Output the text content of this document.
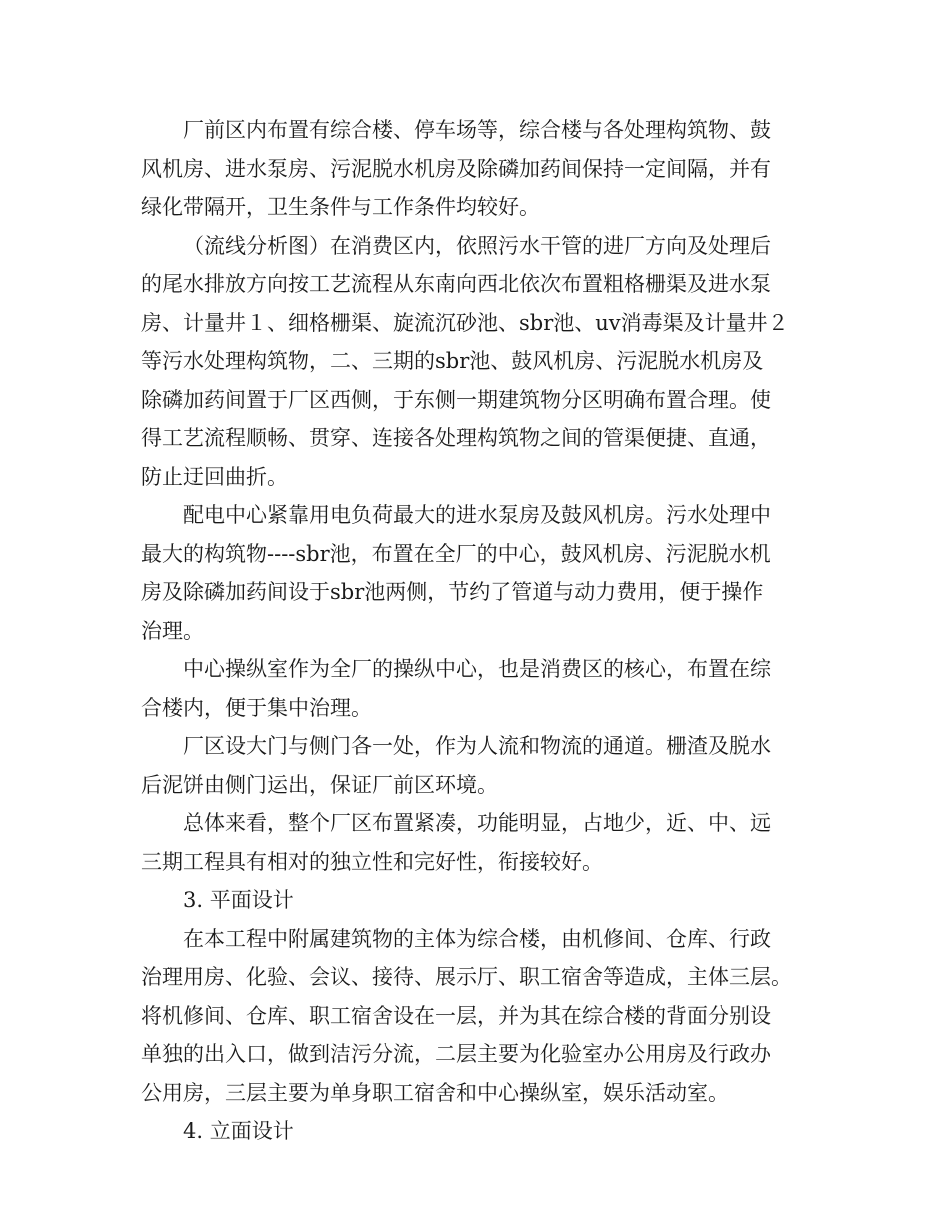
厂前区内布置有综合楼、停车场等，综合楼与各处理构筑物、鼓
风机房、进水泵房、污泥脱水机房及除磷加药间保持一定间隔，并有
绿化带隔开，卫生条件与工作条件均较好。

（流线分析图）在消费区内，依照污水干管的进厂方向及处理后
的尾水排放方向按工艺流程从东南向西北依次布置粗格栅渠及进水泵
房、计量井１、细格栅渠、旋流沉砂池、sbr池、uv消毒渠及计量井２
等污水处理构筑物，二、三期的sbr池、鼓风机房、污泥脱水机房及
除磷加药间置于厂区西侧，于东侧一期建筑物分区明确布置合理。使
得工艺流程顺畅、贯穿、连接各处理构筑物之间的管渠便捷、直通，
防止迂回曲折。

配电中心紧靠用电负荷最大的进水泵房及鼓风机房。污水处理中
最大的构筑物----sbr池，布置在全厂的中心，鼓风机房、污泥脱水机
房及除磷加药间设于sbr池两侧，节约了管道与动力费用，便于操作
治理。

中心操纵室作为全厂的操纵中心，也是消费区的核心，布置在综
合楼内，便于集中治理。

厂区设大门与侧门各一处，作为人流和物流的通道。栅渣及脱水
后泥饼由侧门运出，保证厂前区环境。

总体来看，整个厂区布置紧凑，功能明显，占地少，近、中、远
三期工程具有相对的独立性和完好性，衔接较好。

3. 平面设计

在本工程中附属建筑物的主体为综合楼，由机修间、仓库、行政
治理用房、化验、会议、接待、展示厅、职工宿舍等造成，主体三层。
将机修间、仓库、职工宿舍设在一层，并为其在综合楼的背面分别设
单独的出入口，做到洁污分流，二层主要为化验室办公用房及行政办
公用房，三层主要为单身职工宿舍和中心操纵室，娱乐活动室。

4. 立面设计
